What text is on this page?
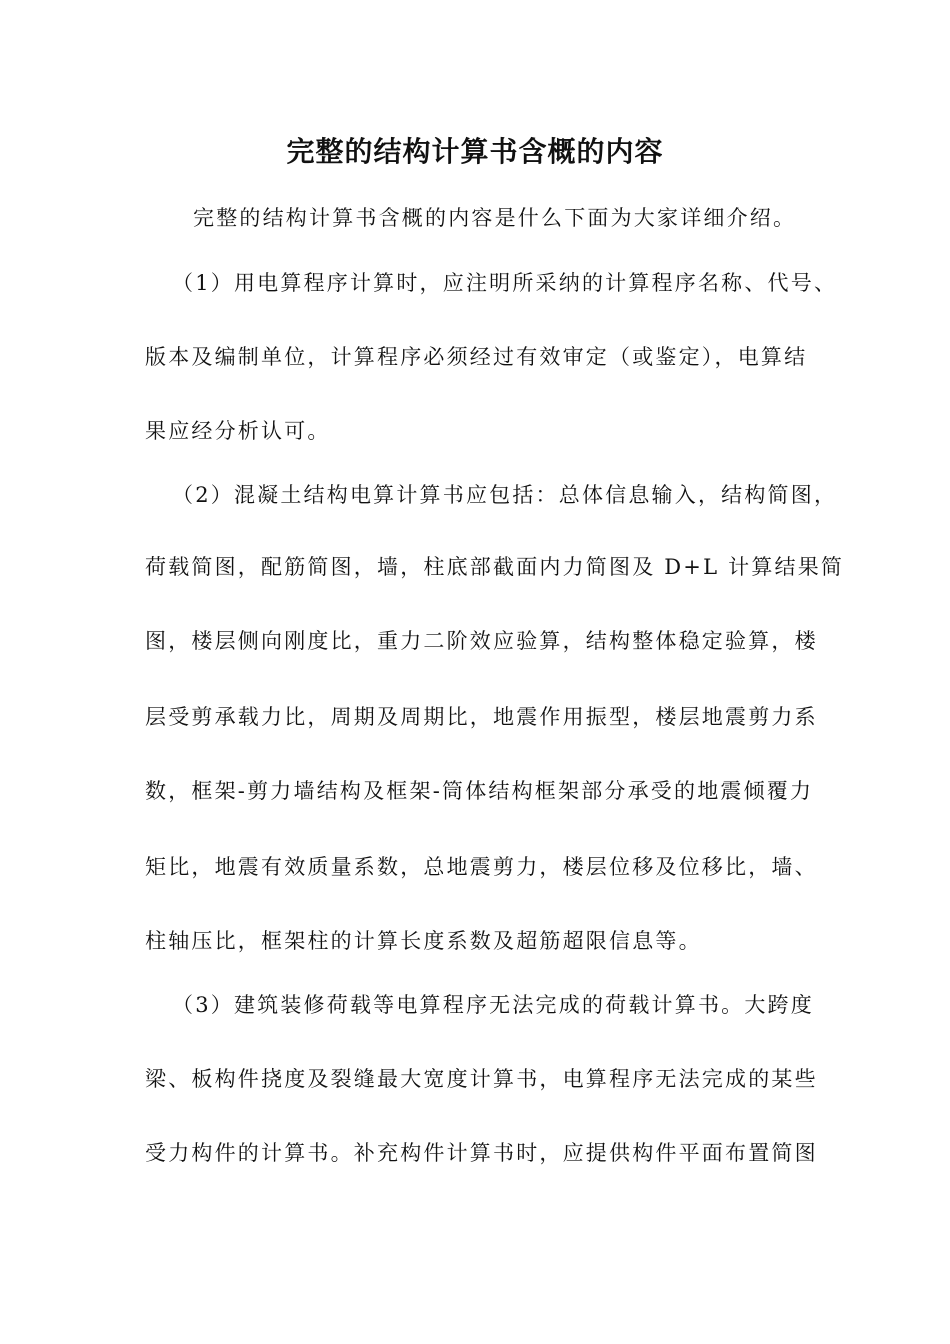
完整的结构计算书含概的内容
完整的结构计算书含概的内容是什么下面为大家详细介绍。
（1）用电算程序计算时，应注明所采纳的计算程序名称、代号、
版本及编制单位，计算程序必须经过有效审定（或鉴定），电算结
果应经分析认可。
（2）混凝土结构电算计算书应包括：总体信息输入，结构简图，
荷载简图，配筋简图，墙，柱底部截面内力简图及 D+L 计算结果简
图，楼层侧向刚度比，重力二阶效应验算，结构整体稳定验算，楼
层受剪承载力比，周期及周期比，地震作用振型，楼层地震剪力系
数，框架-剪力墙结构及框架-筒体结构框架部分承受的地震倾覆力
矩比，地震有效质量系数，总地震剪力，楼层位移及位移比，墙、
柱轴压比，框架柱的计算长度系数及超筋超限信息等。
（3）建筑装修荷载等电算程序无法完成的荷载计算书。大跨度
梁、板构件挠度及裂缝最大宽度计算书，电算程序无法完成的某些
受力构件的计算书。补充构件计算书时，应提供构件平面布置简图
